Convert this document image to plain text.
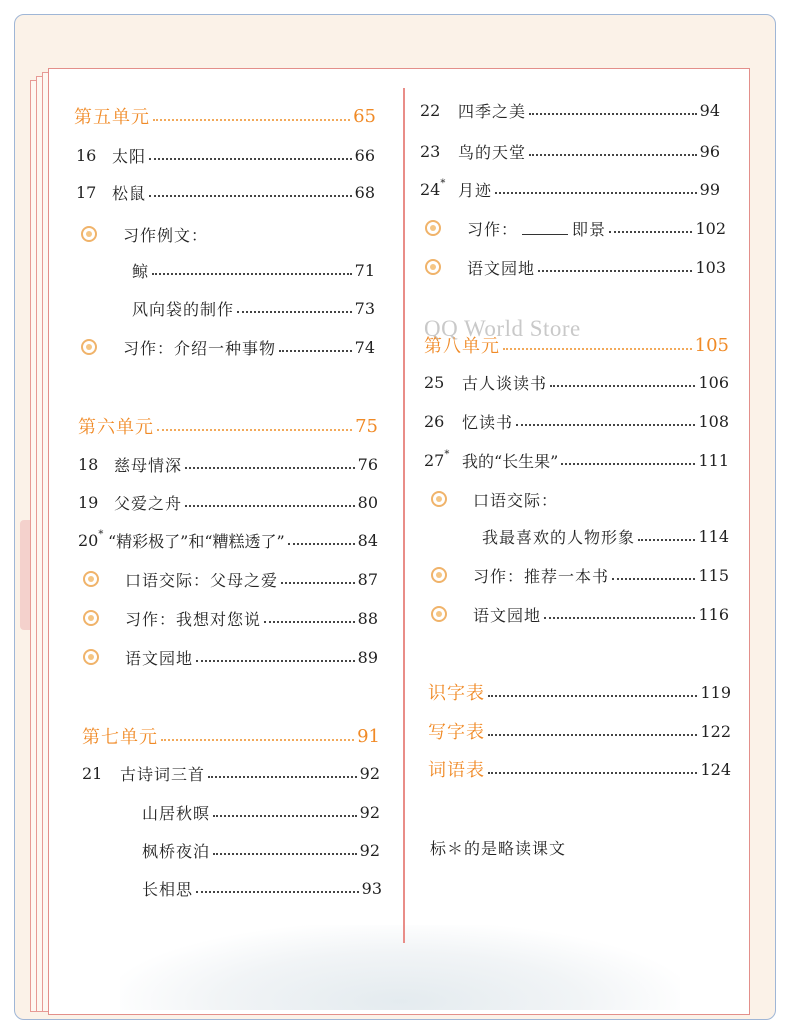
QQ World Store
第五单元	65
16 太阳	66
17 松鼠	68
习作例文：
鲸	71
风向袋的制作	73
习作：介绍一种事物	74
第六单元	75
18 慈母情深	76
19 父爱之舟	80
20* “精彩极了”和“糟糕透了”	84
口语交际：父母之爱	87
习作：我想对您说	88
语文园地	89
第七单元	91
21	古诗词三首	92
山居秋暝	92
枫桥夜泊	92
长相思	93
22	四季之美	94
23	鸟的天堂	96
24* 月迹	99
习作：	即景	102
语文园地	103
第八单元	105
25	古人谈读书	106
26	忆读书	108
27* 我的“长生果”	111
口语交际：
我最喜欢的人物形象	114
习作：推荐一本书	115
语文园地	116
识字表	119
写字表	122
词语表	124
标＊的是略读课文
